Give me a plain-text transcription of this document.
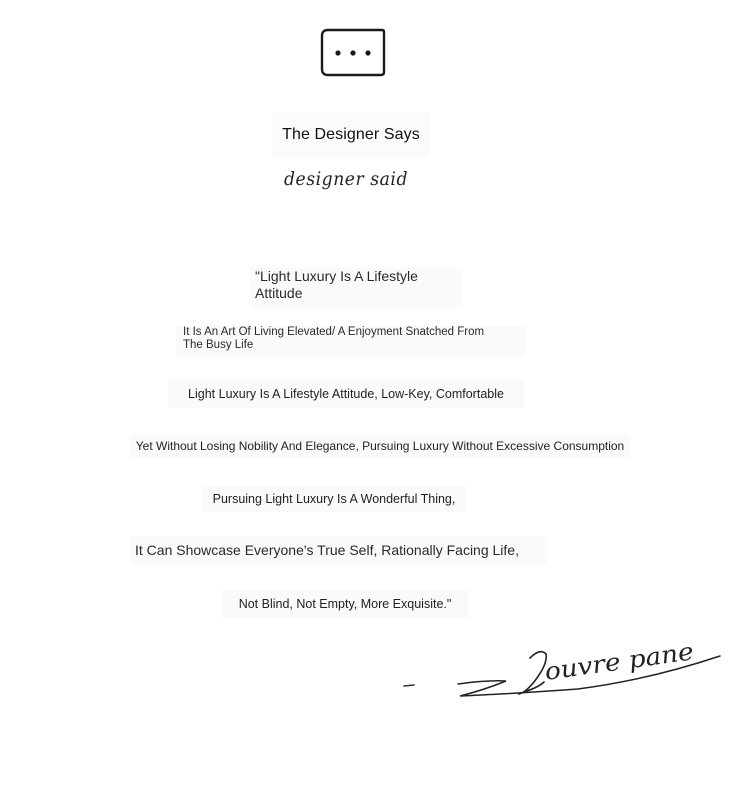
The Designer Says
designer said
"Light Luxury Is A Lifestyle
Attitude
It Is An Art Of Living Elevated/ A Enjoyment Snatched From
The Busy Life
Light Luxury Is A Lifestyle Attitude, Low-Key, Comfortable
Yet Without Losing Nobility And Elegance, Pursuing Luxury Without Excessive Consumption
Pursuing Light Luxury Is A Wonderful Thing,
It Can Showcase Everyone's True Self, Rationally Facing Life,
Not Blind, Not Empty, More Exquisite."
ouvre pane
